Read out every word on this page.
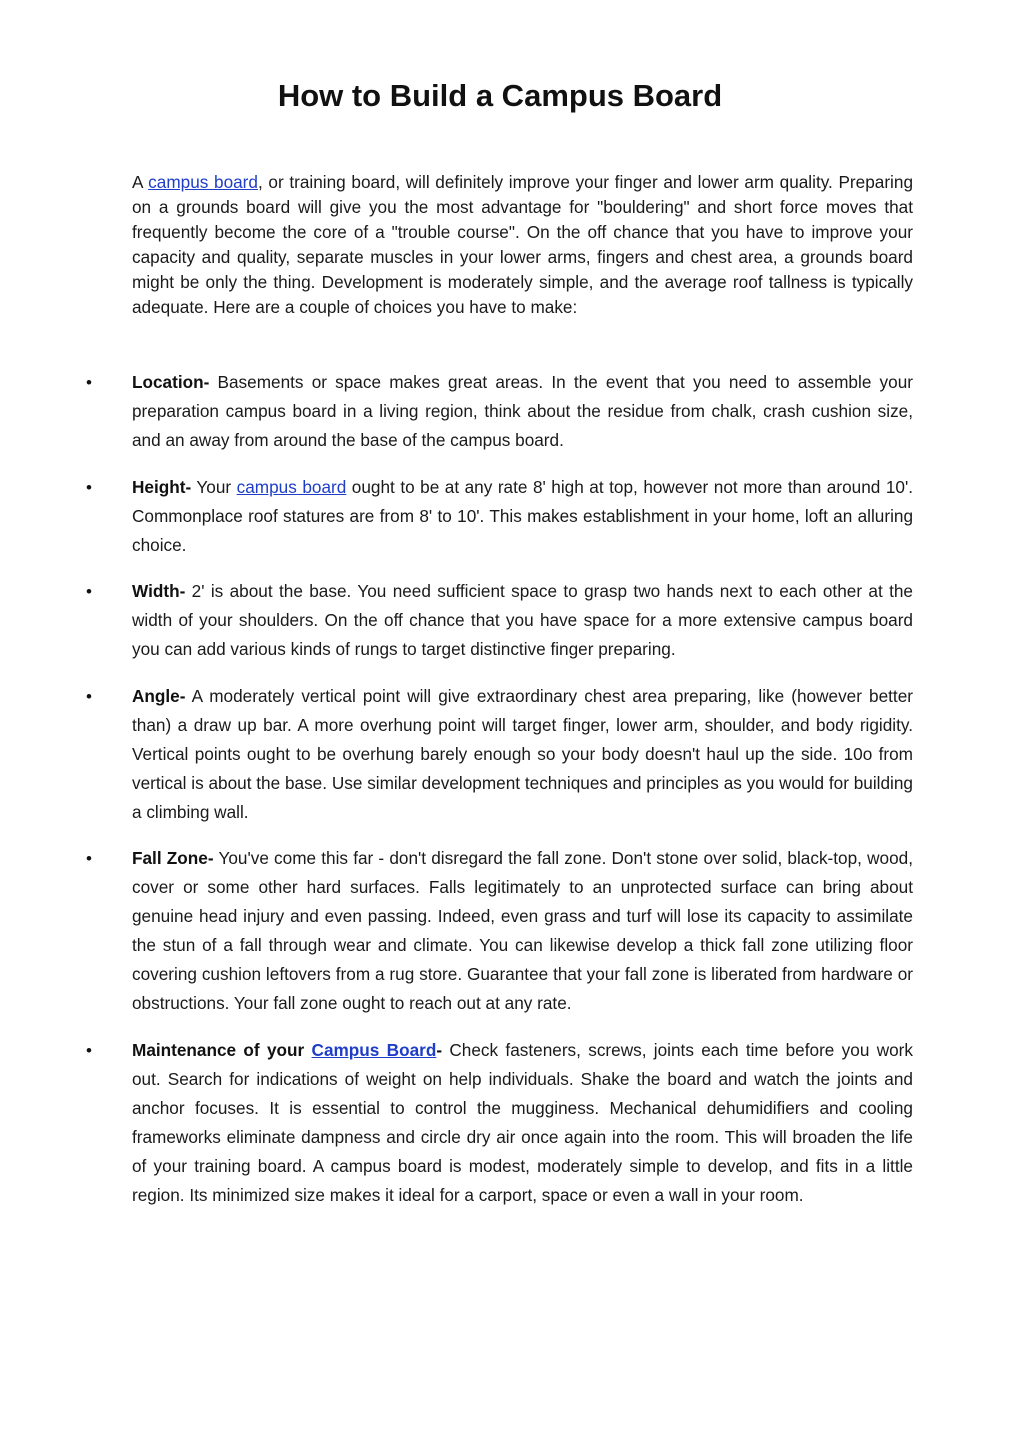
How to Build a Campus Board

A campus board, or training board, will definitely improve your finger and lower arm quality. Preparing on a grounds board will give you the most advantage for "bouldering" and short force moves that frequently become the core of a "trouble course". On the off chance that you have to improve your capacity and quality, separate muscles in your lower arms, fingers and chest area, a grounds board might be only the thing. Development is moderately simple, and the average roof tallness is typically adequate. Here are a couple of choices you have to make:

•	Location- Basements or space makes great areas. In the event that you need to assemble your preparation campus board in a living region, think about the residue from chalk, crash cushion size, and an away from around the base of the campus board.
•	Height- Your campus board ought to be at any rate 8' high at top, however not more than around 10'. Commonplace roof statures are from 8' to 10'. This makes establishment in your home, loft an alluring choice.
•	Width- 2' is about the base. You need sufficient space to grasp two hands next to each other at the width of your shoulders. On the off chance that you have space for a more extensive campus board you can add various kinds of rungs to target distinctive finger preparing.
•	Angle- A moderately vertical point will give extraordinary chest area preparing, like (however better than) a draw up bar. A more overhung point will target finger, lower arm, shoulder, and body rigidity. Vertical points ought to be overhung barely enough so your body doesn't haul up the side. 10o from vertical is about the base. Use similar development techniques and principles as you would for building a climbing wall.
•	Fall Zone- You've come this far - don't disregard the fall zone. Don't stone over solid, black-top, wood, cover or some other hard surfaces. Falls legitimately to an unprotected surface can bring about genuine head injury and even passing. Indeed, even grass and turf will lose its capacity to assimilate the stun of a fall through wear and climate. You can likewise develop a thick fall zone utilizing floor covering cushion leftovers from a rug store. Guarantee that your fall zone is liberated from hardware or obstructions. Your fall zone ought to reach out at any rate.
•	Maintenance of your Campus Board- Check fasteners, screws, joints each time before you work out. Search for indications of weight on help individuals. Shake the board and watch the joints and anchor focuses. It is essential to control the mugginess. Mechanical dehumidifiers and cooling frameworks eliminate dampness and circle dry air once again into the room. This will broaden the life of your training board. A campus board is modest, moderately simple to develop, and fits in a little region. Its minimized size makes it ideal for a carport, space or even a wall in your room.
